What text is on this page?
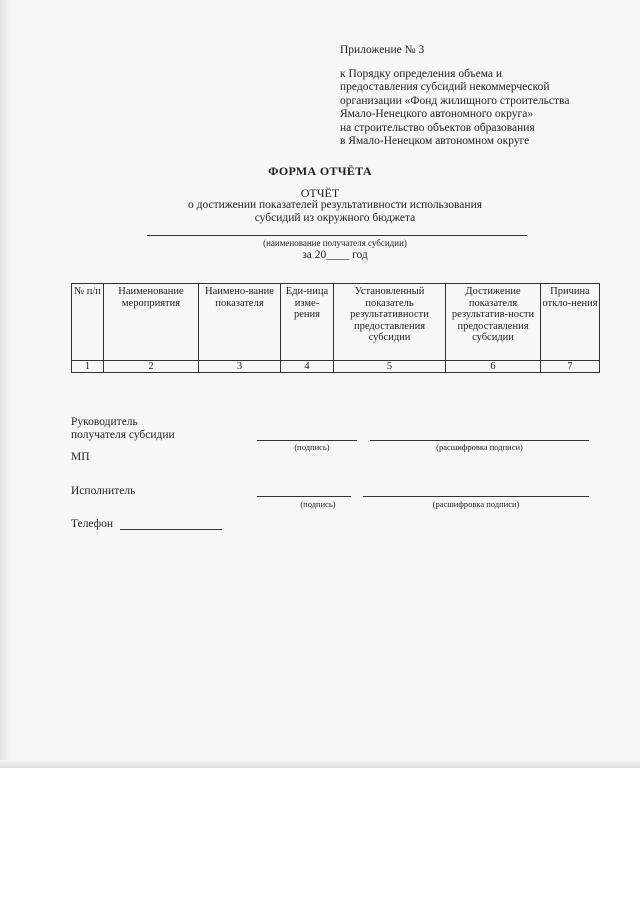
Приложение № 3
к Порядку определения объема и
предоставления субсидий некоммерческой
организации «Фонд жилищного строительства
Ямало-Ненецкого автономного округа»
на строительство объектов образования
в Ямало-Ненецком автономном округе
ФОРМА ОТЧЁТА
ОТЧЁТ
о достижении показателей результативности использования
субсидий из окружного бюджета
(наименование получателя субсидии)
за 20____ год
№ п/п	Наименование мероприятия	Наимено-вание показателя	Еди-ница изме-рения	Установленный показатель результативности предоставления субсидии	Достижение показателя результатив-ности предоставления субсидии	Причина откло-нения
1	2	3	4	5	6	7
Руководитель
получателя субсидии
(подпись)	(расшифровка подписи)
МП
Исполнитель
(подпись)	(расшифровка подписи)
Телефон
